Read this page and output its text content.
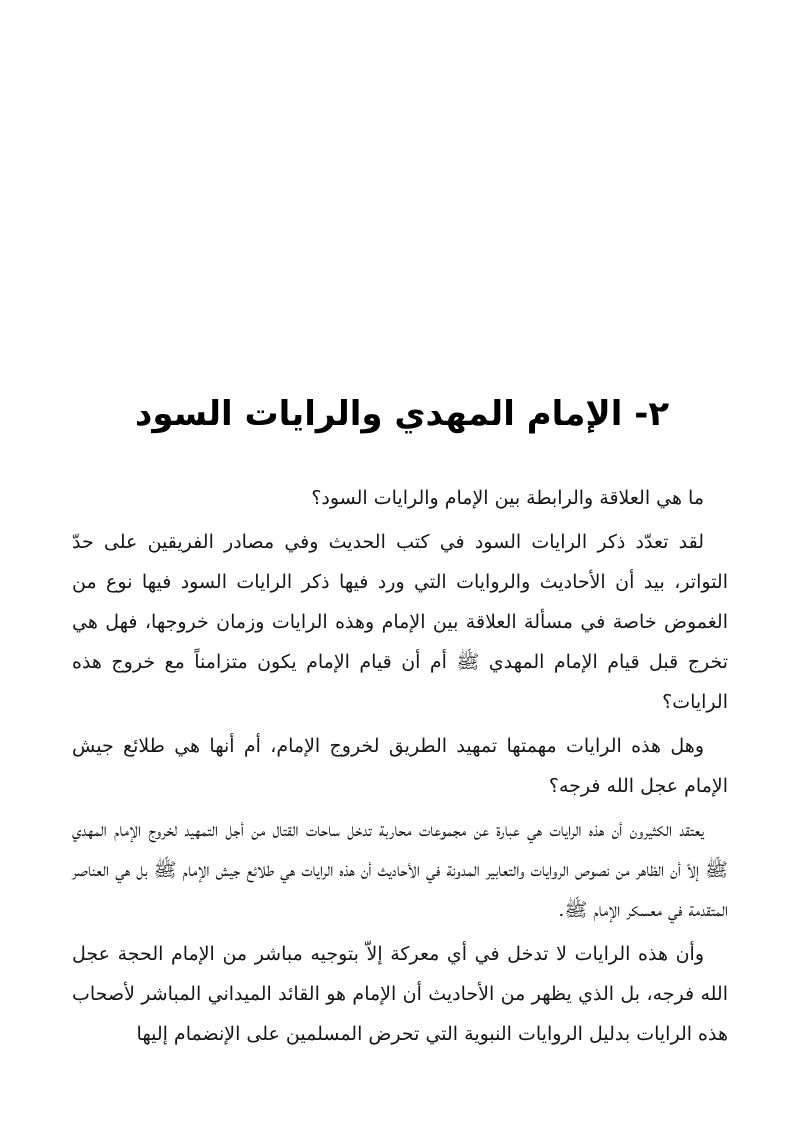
٢- الإمام المهدي والرايات السود

ما هي العلاقة والرابطة بين الإمام والرايات السود؟

لقد تعدّد ذكر الرايات السود في كتب الحديث وفي مصادر الفريقين على حدّ التواتر، بيد أن الأحاديث والروايات التي ورد فيها ذكر الرايات السود فيها نوع من الغموض خاصة في مسألة العلاقة بين الإمام وهذه الرايات وزمان خروجها، فهل هي تخرج قبل قيام الإمام المهدي ﷺ أم أن قيام الإمام يكون متزامناً مع خروج هذه الرايات؟

وهل هذه الرايات مهمتها تمهيد الطريق لخروج الإمام، أم أنها هي طلائع جيش الإمام عجل الله فرجه؟

يعتقد الكثيرون أن هذه الرايات هي عبارة عن مجموعات محاربة تدخل ساحات القتال من أجل التمهيد لخروج الإمام المهدي ﷺ إلاّ أن الظاهر من نصوص الروايات والتعابير المدونة في الأحاديث أن هذه الرايات هي طلائع جيش الإمام ﷺ بل هي العناصر المتقدمة في معسكر الإمام ﷺ.

وأن هذه الرايات لا تدخل في أي معركة إلاّ بتوجيه مباشر من الإمام الحجة عجل الله فرجه، بل الذي يظهر من الأحاديث أن الإمام هو القائد الميداني المباشر لأصحاب هذه الرايات بدليل الروايات النبوية التي تحرض المسلمين على الإنضمام إليها
